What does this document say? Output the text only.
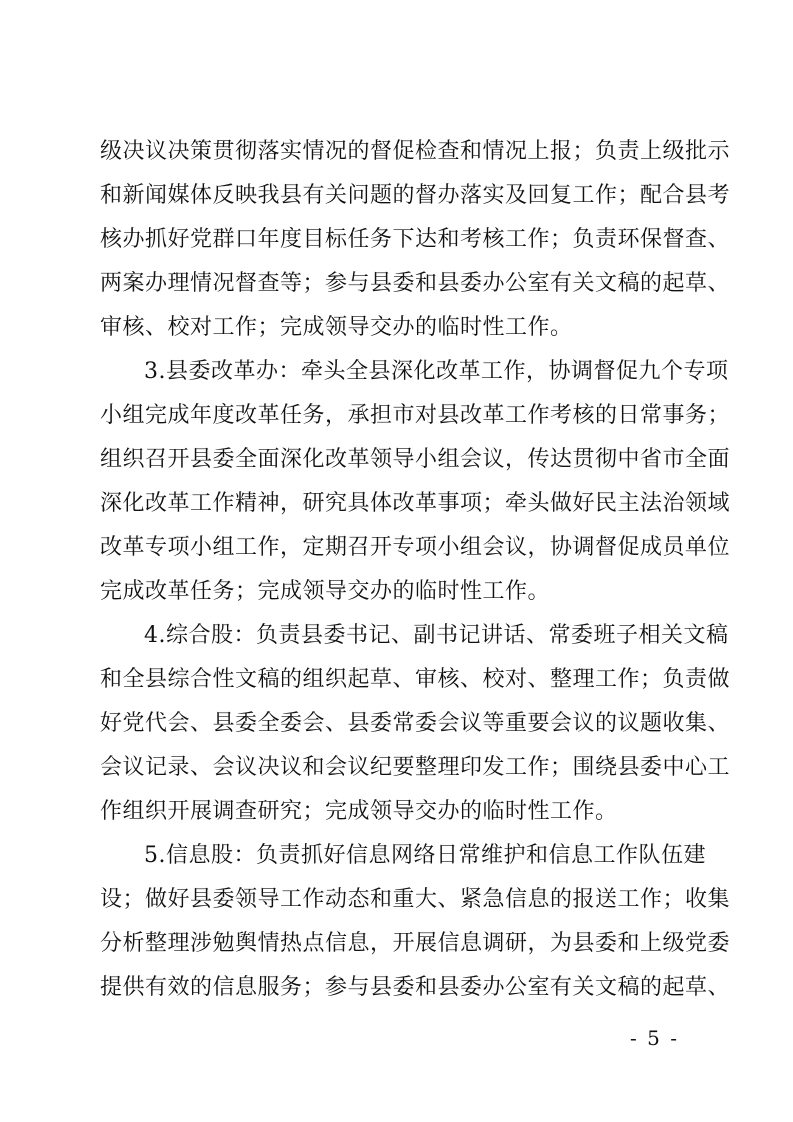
级决议决策贯彻落实情况的督促检查和情况上报；负责上级批示
和新闻媒体反映我县有关问题的督办落实及回复工作；配合县考
核办抓好党群口年度目标任务下达和考核工作；负责环保督查、
两案办理情况督查等；参与县委和县委办公室有关文稿的起草、
审核、校对工作；完成领导交办的临时性工作。
3.县委改革办：牵头全县深化改革工作，协调督促九个专项
小组完成年度改革任务，承担市对县改革工作考核的日常事务；
组织召开县委全面深化改革领导小组会议，传达贯彻中省市全面
深化改革工作精神，研究具体改革事项；牵头做好民主法治领域
改革专项小组工作，定期召开专项小组会议，协调督促成员单位
完成改革任务；完成领导交办的临时性工作。
4.综合股：负责县委书记、副书记讲话、常委班子相关文稿
和全县综合性文稿的组织起草、审核、校对、整理工作；负责做
好党代会、县委全委会、县委常委会议等重要会议的议题收集、
会议记录、会议决议和会议纪要整理印发工作；围绕县委中心工
作组织开展调查研究；完成领导交办的临时性工作。
5.信息股：负责抓好信息网络日常维护和信息工作队伍建
设；做好县委领导工作动态和重大、紧急信息的报送工作；收集
分析整理涉勉舆情热点信息，开展信息调研，为县委和上级党委
提供有效的信息服务；参与县委和县委办公室有关文稿的起草、
- 5 -
